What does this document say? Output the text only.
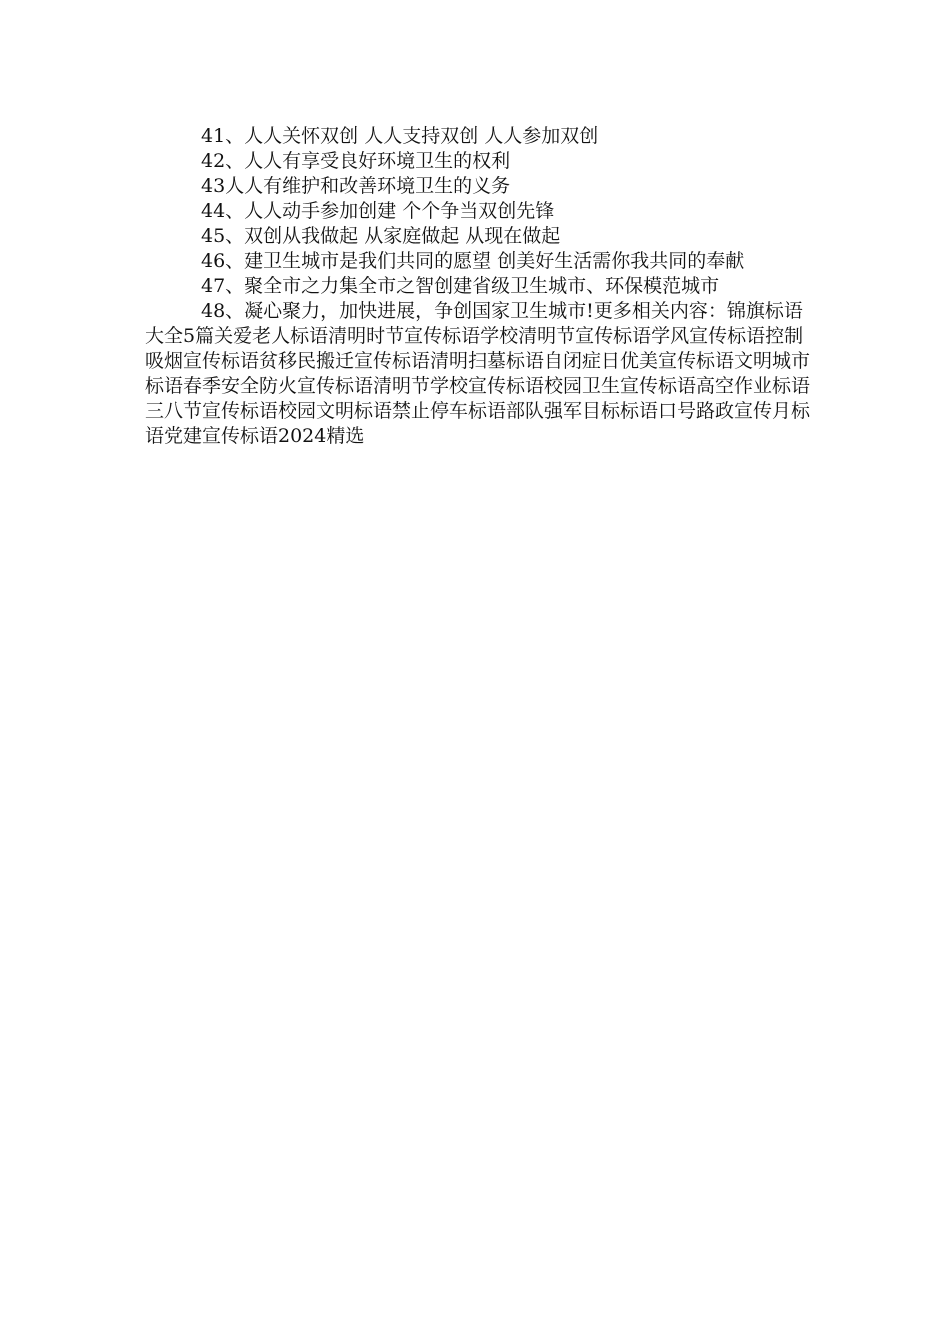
41、人人关怀双创 人人支持双创 人人参加双创

42、人人有享受良好环境卫生的权利

43人人有维护和改善环境卫生的义务

44、人人动手参加创建 个个争当双创先锋

45、双创从我做起 从家庭做起 从现在做起

46、建卫生城市是我们共同的愿望 创美好生活需你我共同的奉献

47、聚全市之力集全市之智创建省级卫生城市、环保模范城市

48、凝心聚力，加快进展，争创国家卫生城市!更多相关内容：锦旗标语大全5篇关爱老人标语清明时节宣传标语学校清明节宣传标语学风宣传标语控制吸烟宣传标语贫移民搬迁宣传标语清明扫墓标语自闭症日优美宣传标语文明城市标语春季安全防火宣传标语清明节学校宣传标语校园卫生宣传标语高空作业标语三八节宣传标语校园文明标语禁止停车标语部队强军目标标语口号路政宣传月标语党建宣传标语2024精选
